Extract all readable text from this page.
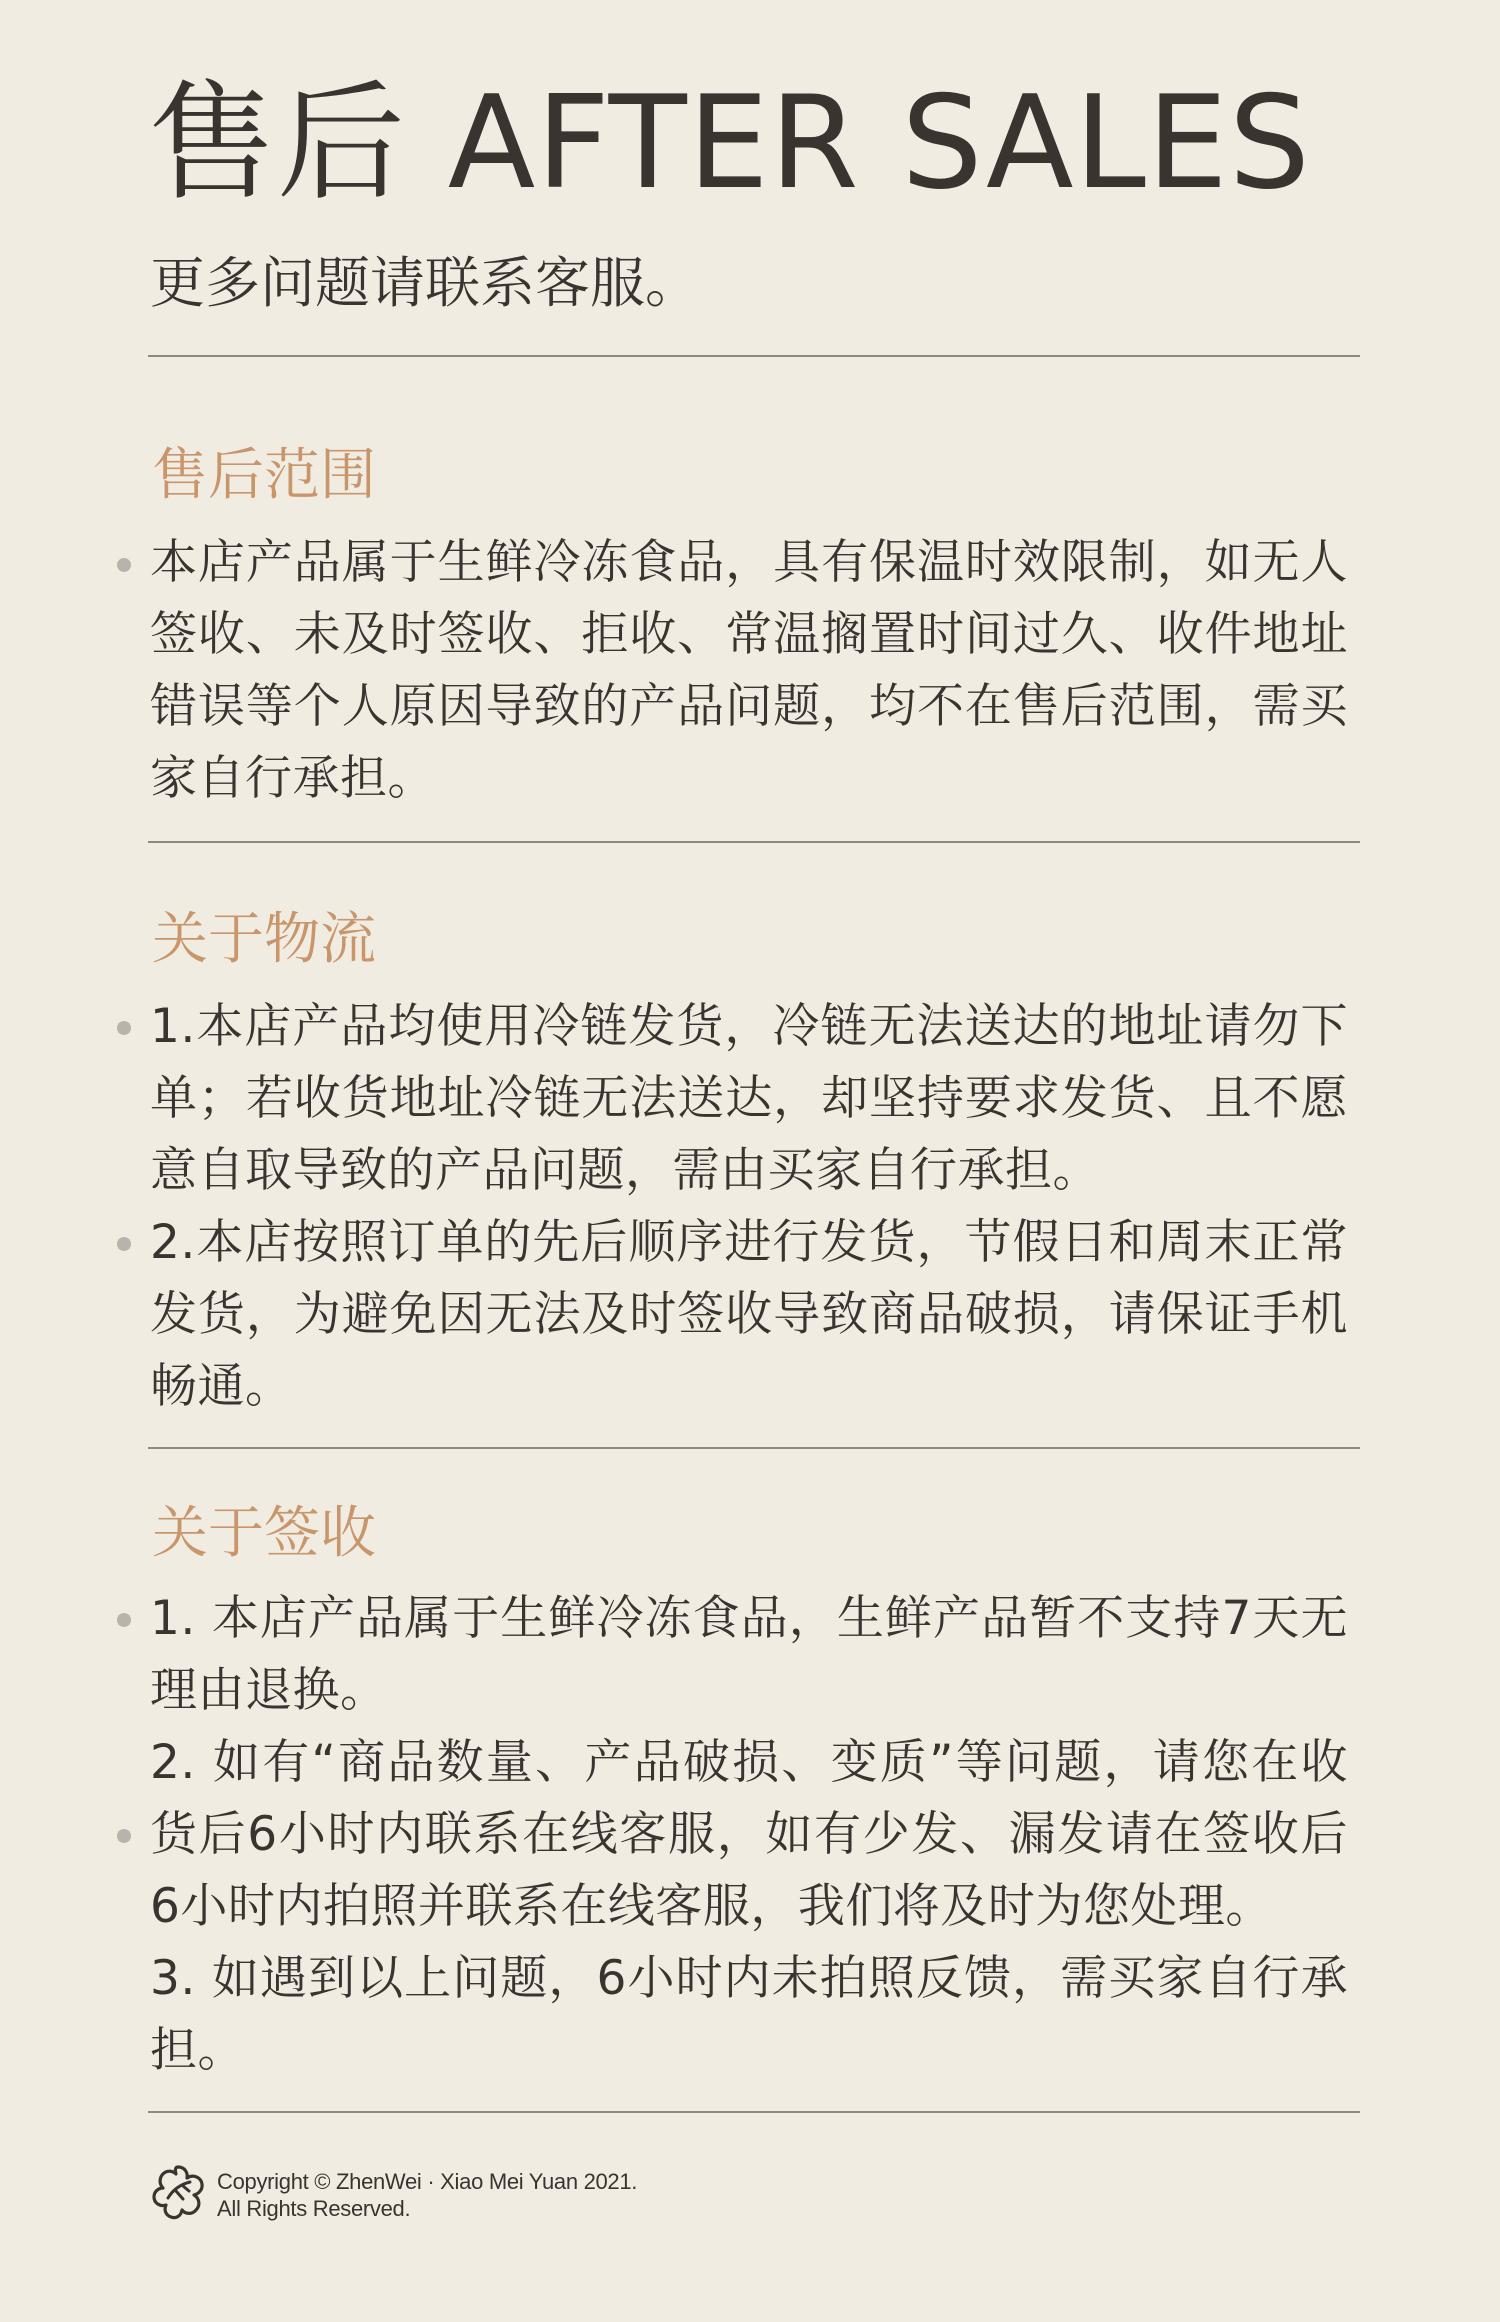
售后 AFTER SALES

更多问题请联系客服。

售后范围

本店产品属于生鲜冷冻食品，具有保温时效限制，如无人签收、未及时签收、拒收、常温搁置时间过久、收件地址错误等个人原因导致的产品问题，均不在售后范围，需买家自行承担。

关于物流

1.本店产品均使用冷链发货，冷链无法送达的地址请勿下单；若收货地址冷链无法送达，却坚持要求发货、且不愿意自取导致的产品问题，需由买家自行承担。

2.本店按照订单的先后顺序进行发货，节假日和周末正常发货，为避免因无法及时签收导致商品破损，请保证手机畅通。

关于签收

1. 本店产品属于生鲜冷冻食品，生鲜产品暂不支持7天无理由退换。

2. 如有“商品数量、产品破损、变质”等问题，请您在收货后6小时内联系在线客服，如有少发、漏发请在签收后6小时内拍照并联系在线客服，我们将及时为您处理。

3. 如遇到以上问题，6小时内未拍照反馈，需买家自行承担。

Copyright © ZhenWei · Xiao Mei Yuan 2021.
All Rights Reserved.
